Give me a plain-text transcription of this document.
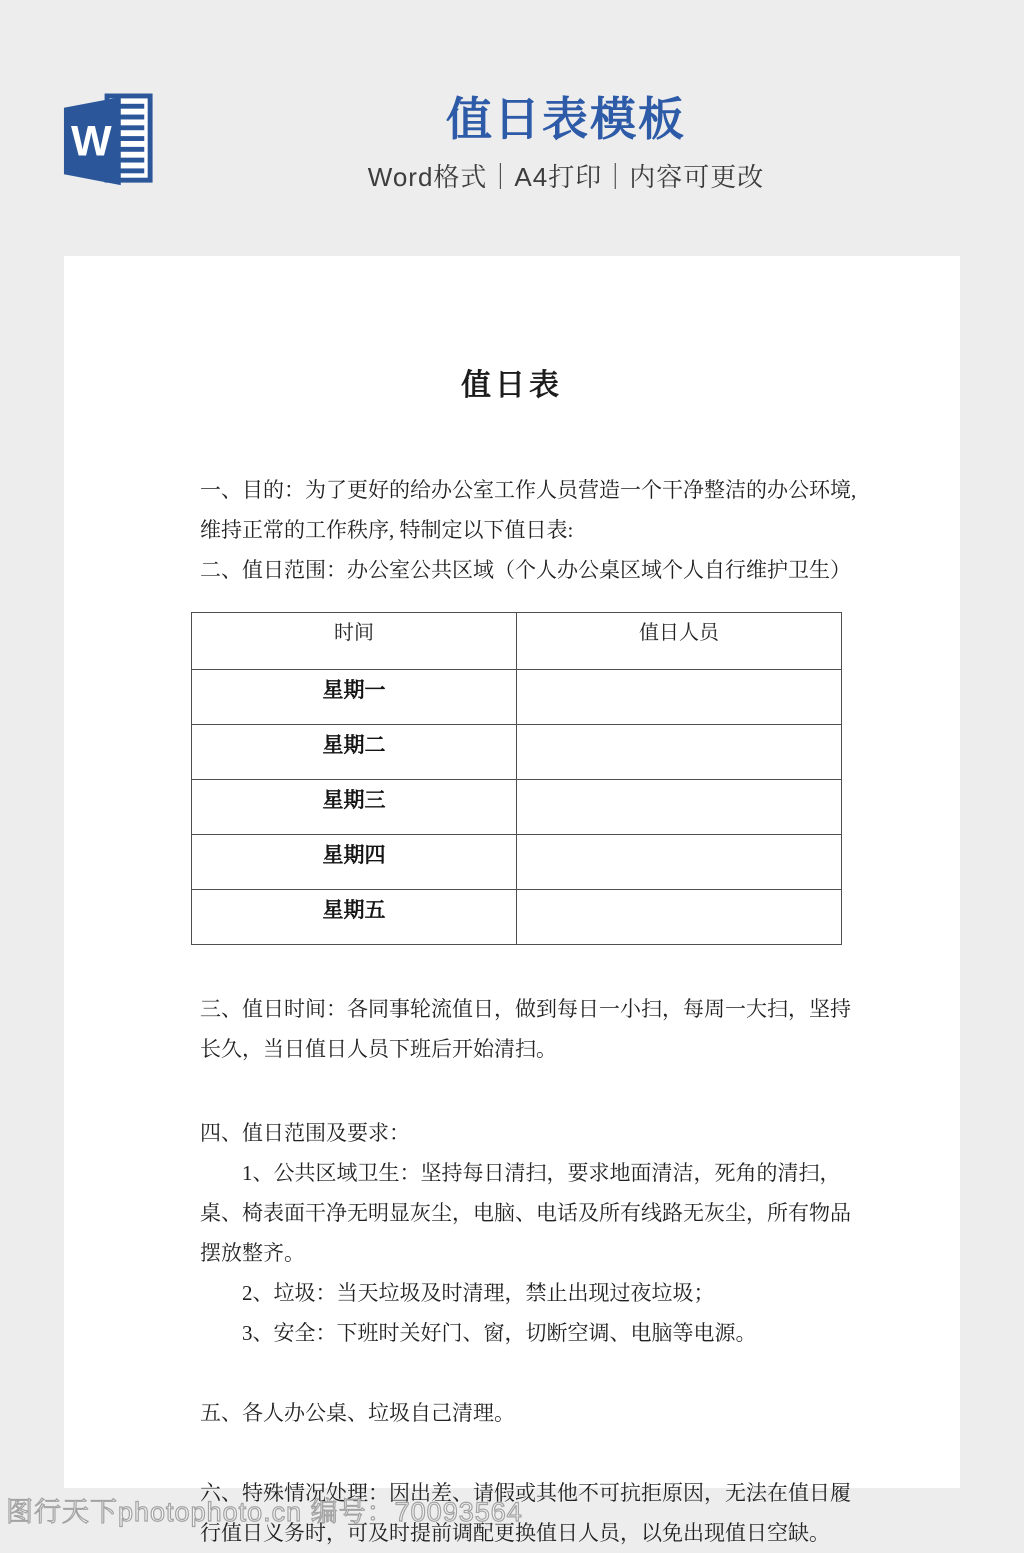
W	值日表模板
Word格式｜A4打印｜内容可更改
值日表

一、目的：为了更好的给办公室工作人员营造一个干净整洁的办公环境, 维持正常的工作秩序, 特制定以下值日表:

二、值日范围：办公室公共区域（个人办公桌区域个人自行维护卫生）

时间	值日人员
星期一	
星期二	
星期三	
星期四	
星期五	

三、值日时间：各同事轮流值日，做到每日一小扫，每周一大扫，坚持长久，当日值日人员下班后开始清扫。

四、值日范围及要求：

1、公共区域卫生：坚持每日清扫，要求地面清洁，死角的清扫，桌、椅表面干净无明显灰尘，电脑、电话及所有线路无灰尘，所有物品摆放整齐。

2、垃圾：当天垃圾及时清理，禁止出现过夜垃圾；

3、安全：下班时关好门、窗，切断空调、电脑等电源。

五、各人办公桌、垃圾自己清理。

六、特殊情况处理：因出差、请假或其他不可抗拒原因，无法在值日履行值日义务时，可及时提前调配更换值日人员，以免出现值日空缺。

图行天下photophoto.cn 编号：70093564
